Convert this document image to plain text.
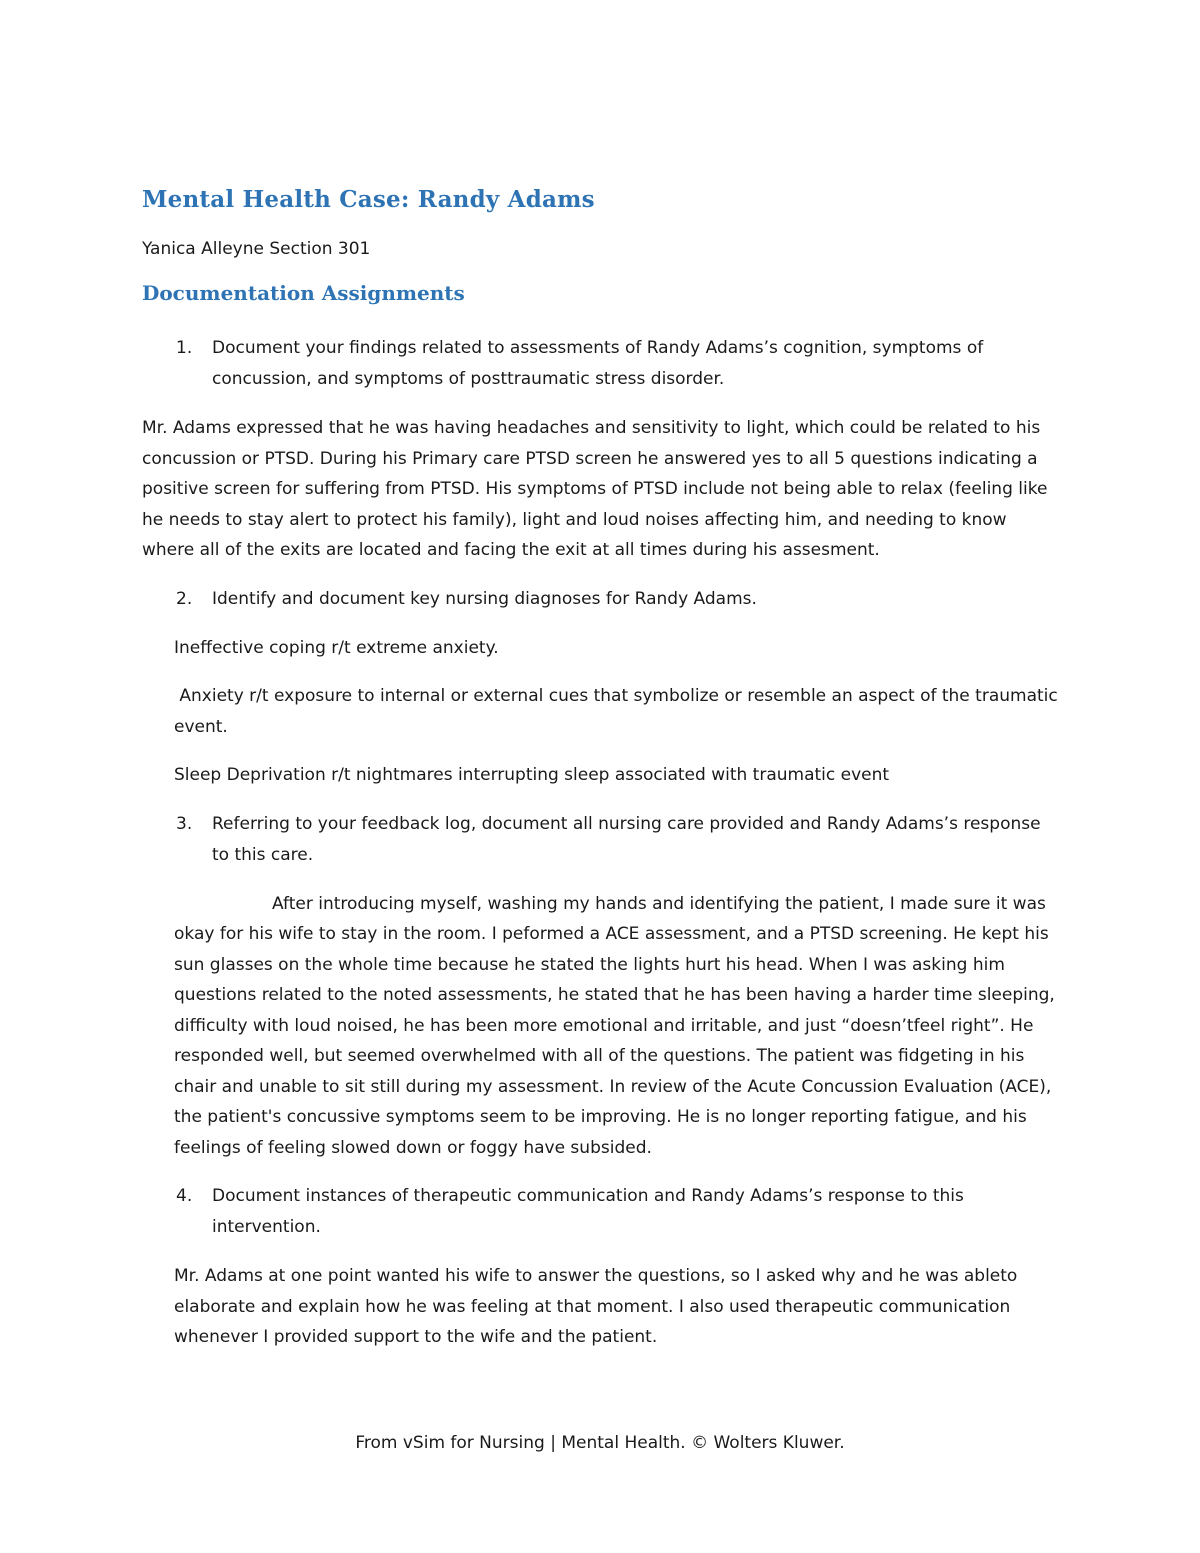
Mental Health Case: Randy Adams

Yanica Alleyne Section 301

Documentation Assignments
1.	Document your findings related to assessments of Randy Adams’s cognition, symptoms of concussion, and symptoms of posttraumatic stress disorder.

Mr. Adams expressed that he was having headaches and sensitivity to light, which could be related to his concussion or PTSD. During his Primary care PTSD screen he answered yes to all 5 questions indicating a positive screen for suffering from PTSD. His symptoms of PTSD include not being able to relax (feeling like he needs to stay alert to protect his family), light and loud noises affecting him, and needing to know where all of the exits are located and facing the exit at all times during his assesment.

2.	Identify and document key nursing diagnoses for Randy Adams.

Ineffective coping r/t extreme anxiety.

Anxiety r/t exposure to internal or external cues that symbolize or resemble an aspect of the traumatic event.

Sleep Deprivation r/t nightmares interrupting sleep associated with traumatic event

3.	Referring to your feedback log, document all nursing care provided and Randy Adams’s response to this care.

After introducing myself, washing my hands and identifying the patient, I made sure it was okay for his wife to stay in the room. I peformed a ACE assessment, and a PTSD screening. He kept his sun glasses on the whole time because he stated the lights hurt his head. When I was asking him questions related to the noted assessments, he stated that he has been having a harder time sleeping, difficulty with loud noised, he has been more emotional and irritable, and just “doesn’tfeel right”. He responded well, but seemed overwhelmed with all of the questions. The patient was fidgeting in his chair and unable to sit still during my assessment. In review of the Acute Concussion Evaluation (ACE), the patient's concussive symptoms seem to be improving. He is no longer reporting fatigue, and his feelings of feeling slowed down or foggy have subsided.

4.	Document instances of therapeutic communication and Randy Adams’s response to this intervention.

Mr. Adams at one point wanted his wife to answer the questions, so I asked why and he was ableto elaborate and explain how he was feeling at that moment. I also used therapeutic communication whenever I provided support to the wife and the patient.

From vSim for Nursing | Mental Health. © Wolters Kluwer.
